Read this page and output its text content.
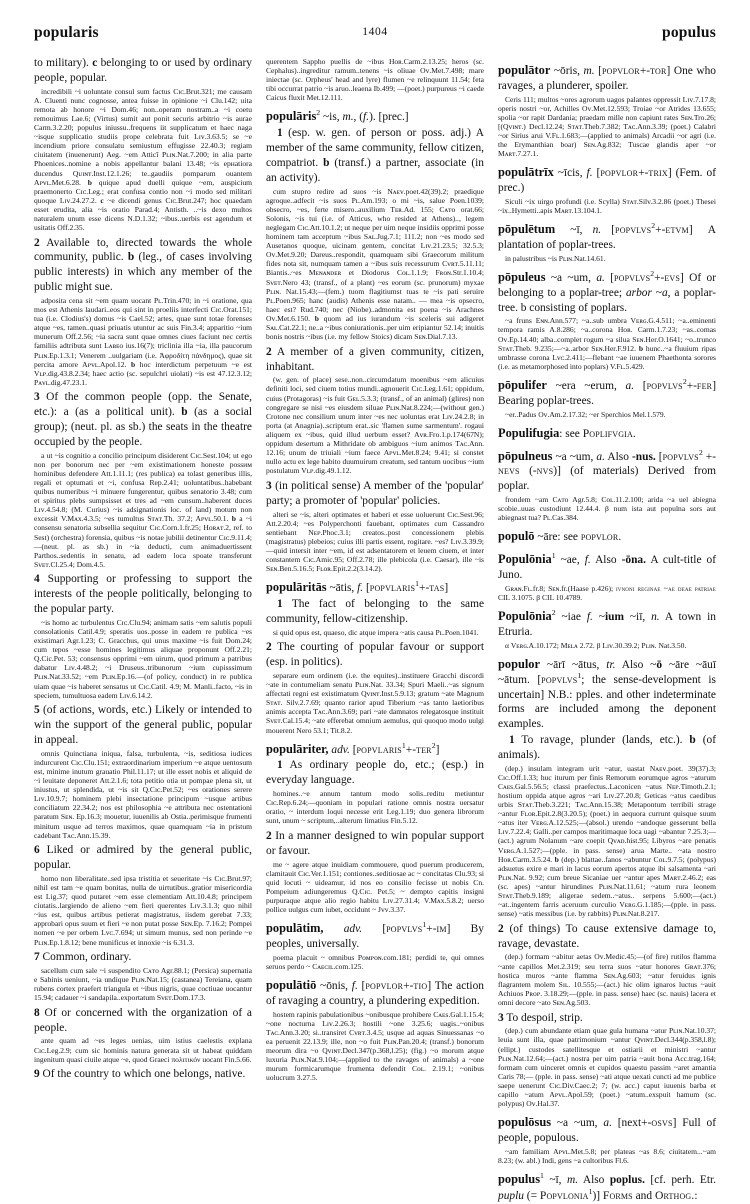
popularis	1404	populus
to military). c belonging to or used by ordinary people, popular.
incredibili ~i uoluntate consul sum factus Cɪᴄ.Brut.321; me causam A. Cluenti nunc cognosse, antea fuisse in opinione ~i Clu.142; uita remota ab honore ~i Dom.46; non..operam nostram..a ~i coetu remouimus Lae.6; (Virtus) sumit aut ponit securis arbitrio ~is aurae Carm.3.2.20; populus iniussu..frequens iit supplicatum et haec naga ~isque supplicatio studiis prope celebrata fuit Lɪᴠ.3.63.5; se ~e incendium priore consulatu semiustum effugisse 22.40.3; regiam ciuitatem (inuenerunt) Aeg. ~em Atticī Pʟɪɴ.Nat.7.200; in alia parte Phoenices..nomine a nobis appellantur balani 13.48; ~is ернаtiora ducendus Qᴜɪɴᴛ.Inst.12.1.26; te..gaudiis pomparum ouantem Aᴘᴠʟ.Met.6.28. b quique apud duelli quique ~em, auspicium praemonerto Cɪᴄ.Leg.; erat confusa contio non ~i modo sed militari quoque Lɪᴠ.24.27.2. c ~e dicendi genus Cɪᴄ.Brut.247; hoc quaedam esset erudita, alia ~is oratio Parad.4; Antisth. ..~is dexo multos naturalem unum esse dicens N.D.1.32; ~ibus..uerbis est agendum et usitatis Off.2.35.
2 Available to, directed towards the whole community, public. b (leg., of cases involving public interests) in which any member of the public might sue.
adposita cena sit ~em quam uocant Pʟ.Trin.470; in ~i oratione, qua mos est Athenis laudari..eos qui sint in proeliis interfecti Cɪᴄ.Orat.151; tua (i.e. Clodius's) domus ~is Cael.52; artes, quae sunt totae forenses atque ~es, tamen..quasi priuatis utuntur ac suis Fin.3.4; apparitio ~ium munerum Off.2.56; ~ia sacra sunt quae omnes ciues faciunt nec certis familiis adtributa sunt Lᴀʙᴇᴏ ius.16(7); triclinia illa ~ia, illa paucorum Pʟɪɴ.Ep.1.3.1; Venerem ..uulgariam (i.e. Ἀφροδίτη πάνδημος), quae sit percita amore Aᴘᴠʟ.Apol.12. b hoc interdictum perpetuum ~e est Vʟᴘ.dig.43.8.2.34; haec actio (sc. sepulchri uiolati) ~is est 47.12.3.12; Pᴀᴠʟ.dig.47.23.1.
3 Of the common people (opp. the Senate, etc.): a (as a political unit). b (as a social group); (neut. pl. as sb.) the seats in the theatre occupied by the people.
a ut ~is cognitio a concilio principum disiderent Cɪᴄ.Sest.104; ut ego non per bonorum nec per ~em existimationem honeste possим hominibus defendere Att.1.11.1; (res publica) ea tolast generibus illis, regali et optumati et ~i, confusa Rep.2.41; uoluntatibus..habebant quibus numeribus ~i minuere fungerentur, quibus senatorio 3.48; cum et spiritus plebs sumpsisset et tres ad ~em cunsum..haberent duces Lɪᴠ.4.54.8; (M. Curius) ~is adsignationis loc. of land) motum non excessit V.Mᴀx.4.3.5; ~es tumultus Sᴛᴀᴛ.Th. 37.2; Aᴘᴠʟ.50.1. b a ~i consensu senatoria subsellia sequitur Cɪᴄ.Corn.1.fr.25; Hᴏʀᴀᴛ.2, ref. to Sest) (orchestra) forensia, quibus ~is notae jubilii detinentur Cɪᴄ.9.11.4;—(neut. pl. as sb.) in ~ia deducti, cum animaduertissent Parthos..sedentis in senatu, ad eadem loca spoate transferunt Sᴠᴇᴛ.Cl.25.4; Dom.4.5.
4 Supporting or professing to support the interests of the people politically, belonging to the popular party.
~is homo ac turbulentus Cɪᴄ.Clu.94; animam satis ~em salutis populi consolationis Catil.4.9; speratis uos..posse in eadem re publica ~es existimari Agr.1.23; C. Gracchus, qui unus maxime ~is fuit Dom.24; cum tepos ~esse homines legitimus aliquae proponunt Off.2.21; Q.Cic.Pet. 53; consensus opprimi ~em uirum, quod primum a patribus dabatur Lɪᴠ.4.48.2; ~i Druseus..tribunorum ~ium cupisssimum Pʟɪɴ.Nat.33.52; ~em Pʟɪɴ.Ep.16.—(of policy, conduct) in re publica uiam quae ~is haberet sensatus ut Cɪᴄ.Catil. 4.9; M. Manli..facto, ~is in speciem, tumultuosa eadem Lɪᴠ.6.14.2.
5 (of actions, words, etc.) Likely or intended to win the support of the general public, popular in appeal.
omnis Quinctiana iniqua, falsa, turbulenta, ~is, seditiosa iudices indurcurent Cɪᴄ.Clu.151; extraordinarium imperium ~e atque uentosum est, minime inutum grauatio Phil.11.17; ut ille esset nobis et aliquid de ~i leuitate deponeret Att.2.1.6; tota petitio otia ut pompae plena sit, ut iniustus, ut splendida, ut ~is sit Q.Cɪᴄ.Pet.52; ~es orationes serere Lɪᴠ.10.9.7; hominem plebi insectatione principum ~usque artibus conciliatum 22.34.2; nos est philosophia ~e attributa nec ostentationi paratum Sᴇɴ. Ep.16.3; mouetur, iuuenilis ab Ostia..perimisque frumenti minitum usque ad terros maximos, quae quamquam ~ia in pristum cadebant Tᴀᴄ.Ann.15.39.
6 Liked or admired by the general public, popular.
homo non liberalitate..sed ipsa tristitia et seueritate ~is Cɪᴄ.Brut.97; nihil est tam ~e quam bonitas, nulla de uirtutibus..gratior misericordia est Lig.37; quod putaret ~em esse clementiam Att.10.4.8; principem ciutatis..largiendo de alieno ~em fieri querentes Lɪᴠ.3.1.3; quo nihil ~ius est, quibus artibus petierat magistratus, iisdem gerebat 7.33; approbari opus suum et fieri ~e non putat posse Sᴇɴ.Ep. 7.16.2; Pompei nomen ~e per orbem Lᴠᴄ.7.694; ut simum munus, sed non perinde ~e Pʟɪɴ.Ep.1.8.12; bene munificus et innoxie ~is 6.31.3.
7 Common, ordinary.
sacellum cum sale ~i suspendito Cᴀᴛᴏ Agr.88.1; (Persica) supernatia e Sabinis ueniunt, ~ia undique Pʟɪɴ.Nat.15; (castanea) Tereiana, quam rubens cortex praefert triangula et ~ibus nigris, quae coctiuae uocantur 15.94; cadauer ~i sandapila..exportatum Sᴠᴇᴛ.Dom.17.3.
8 Of or concerned with the organization of a people.
ante quam ad ~es leges uenias, uim istius caelestis explana Cɪᴄ.Leg.2.9; cum sic hominis natura generata sit ut habeat quiddam ingenitum quasi ciuile atque ~e, quod Graeci πολιτικόν uocant Fin.5.66.
9 Of the country to which one belongs, native.
querentem Sappho puellis de ~ibus Hᴏʀ.Carm.2.13.25; heros (sc. Cephalus)..ingreditur ramum..tenens ~is oliuae Oᴠ.Met.7.498; mare iniectae (sc. Orpheus' head and lyre) flumen ~e relinquunt 11.54; feta tibi occurrat patrio ~is aruo..leaena Ib.499; —(poet.) purpureus ~i caede Caicus fluxit Met.12.111.
populāris$^2$ ~is, m., (f.). [prec.]
1 (esp. w. gen. of person or poss. adj.) A member of the same community, fellow citizen, compatriot. b (transf.) a partner, associate (in an activity).
cum stupro redire ad suos ~is Nᴀᴇᴠ.poet.42(39).2; praedique agroque..adfecit ~is suos Pʟ.Am.193; o mi ~is, salue Poen.1039; obsecro, ~es, ferte misero..auxilium Tᴇʀ.Ad. 155; Cᴀᴛᴏ orat.66; Solonis, ~is tui (i.e. of Atticus, who resided at Athens).., legem neglegam Cɪᴄ.Att.10.1.2; ut neque per uim neque insidiis opprimi posse hominem tam acceptum ~ibus Sᴀʟ.Jug.7.1; 111.2; non ~es modo sed Ausetanos quoque, uicinam gentem, concitat Lɪᴠ.21.23.5; 32.5.3; Oᴠ.Met.9.20; Dareus..respondit, quamquam sibi Graecorum militum fides nota sit, numquam tamen a ~ibus suis recessurum Cᴠʀᴛ.5.11.11; Biantis..~es Mᴇɴᴀɴᴅᴇʀ et Diodorus Cᴏʟ.1.1.9; Fʀᴏɴ.Str.1.10.4; Sᴠᴇᴛ.Nero 43; (transf., of a plant) ~es eorum (sc. prunorum) myxae Pʟɪɴ. Nat.15.43;—(fem.) tuom flagitiumst tuas te ~is pati seruire Pʟ.Poen.965; hanc (audis) Athenis esse natam.. — mea ~is opsecro, haec est? Rud.740; nec (Niobe)..admonita est poena ~is Arachnes Oᴠ.Met.6.150. b quom ad ius iurandum ~is sceleris sui adigeret Sᴀʟ.Cat.22.1; ne..a ~ibus coniurationis..per uim eripiantur 52.14; inuitis bonis nostris ~ibus (i.e. my fellow Stoics) dicam Sᴇɴ.Dial.7.13.
2 A member of a given community, citizen, inhabitant.
(w. gen. of place) sese..non..circumdatum moenibus ~em alicuius definiti loci, sed ciuem totius mundi..agnouerit Cɪᴄ.Leg.1.61; oppidum, cuius (Protagoras) ~is fuit Gᴇʟ.5.3.3; (transf., of an animal) (glires) non congregare se nisi ~es eiusdem siluae Pʟɪɴ.Nat.8.224;—(without gen.) Crotone nec consilium unum inter ~es nec uoluntas erat Lɪᴠ.24.2.8; in porta (at Anagnia)..scriptum erat..sic 'flamen sume sarmentum'. rogaui aliquem ex ~ibus, quid illud uerbum esset? Aᴠʀ.Fro.1.p.174(67N); oppidum desertum a Mithridate ob ambiguos ~ium animos Tᴀᴄ.Ann. 12.16; unum de triuiali ~ium faece Aᴘᴠʟ.Met.8.24; 9.41; si constet nullo actu ex lege habito duumuirum creatum, sed tantum uocibus ~ium postulatum Vʟᴘ.dig.49.1.12.
3 (in political sense) A member of the 'popular' party; a promoter of 'popular' policies.
alteri se ~is, alteri optimates et haberi et esse uoluerunt Cɪᴄ.Sest.96; Att.2.20.4; ~es Polyperchonti fauebant, optimates cum Cassandro sentiebant Nᴇᴘ.Phoc.3.1; creatos..post concessionem plebis (magistratus) plebeios; cuius illi partis essent, rogitare. ~es? Lɪᴠ.3.39.9;—quid intersit inter ~em, id est adsentatorem et leuem ciuem, et inter constantem Cɪᴄ.Amic.95; Off.2.78; ille plebicola (i.e. Caesar), ille ~is Sᴇɴ.Ben.5.16.5; Fʟᴏʀ.Epit.2.2(3.14.2).
populāritās ~ātis, f. [popvlaris$^1$+-tas]
1 The fact of belonging to the same community, fellow-citizenship.
si quid opus est, quaeso, dic atque impera ~atis causa Pʟ.Poen.1041.
2 The courting of popular favour or support (esp. in politics).
separare eum ordinem (i.e. the equites)..instituere Gracchi discordi ~ate in contumeliam senatu Pʟɪɴ.Nat. 33.34; Spuri Maeli..~as signum affectati regni est existimatum Qᴠɪɴᴛ.Inst.5.9.13; gratum ~ate Magnum Sᴛᴀᴛ. Silv.2.7.69; quanto rarior apud Tiberium ~as tanto laetioribus animis accepta Tᴀᴄ.Ann.3.69; pari ~ate damnatos relegatosque instituit Sᴠᴇᴛ.Cal.15.4; ~ate efferebat omnium aemulus, qui quoquo modo uulgi mouerent Nero 53.1; Tit.8.2.
populāriter, adv. [popvlaris$^1$+-ter$^2$]
1 As ordinary people do, etc.; (esp.) in everyday language.
homines..~e annum tantum modo solis..reditu metiuntur Cɪᴄ.Rep.6.24;—quoniam in populari ratione omnis nostra uersatur oratio, ~ interdum loqui necesse erit Leg.1.19; duo genera librorum sunt, unum ~ scriptum,..alterum limatius Fin.5.12.
2 In a manner designed to win popular support or favour.
me ~ agere atque inuidiam commouere, quod puerum producerem, clamitauit Cɪᴄ.Ver.1.151; contiones..seditiosae ac ~ concitatas Clu.93; si quid locuti ~ uideamur, id nos eo consilio fecisse ut nobis Cn. Pompeium adiungeremus Q.Cɪᴄ. Pet.5; ~ dempto capitis insigni purpuraque atque alio regio habitu Lɪᴠ.27.31.4; V.Mᴀx.5.8.2; uerso pollice uulgus cum iubet, occidunt ~ Jᴠᴠ.3.37.
populātim, adv. [popvlvs$^1$+-im] By peoples, universally.
poema placuit ~ omnibus Pᴏᴍᴘᴏɴ.com.181; perdidi te, qui omnes seruos perdo ~ Cᴀᴇᴄɪʟ.com.125.
populātiō ~ōnis, f. [popvlor+-tio] The action of ravaging a country, a plundering expedition.
hostem rapinis pabulationibus ~onibusque prohibere Cᴀᴇs.Gal.1.15.4; ~one nocturna Lɪᴠ.2.26.3; hostili ~one 3.25.6; uagis..~onibus Tᴀᴄ.Ann.3.20; si..transiret Cᴠʀᴛ.3.4.5; usque ad aquas Sinuessanas ~o ea peruenit 22.13.9; ille, non ~o fuit Pʟɪɴ.Pan.20.4; (transf.) bonorum meorum dira ~o Qᴠɪɴᴛ.Decl.347(p.368,l.25); (fig.) ~o morum atque luxuria Pʟɪɴ.Nat.9.104;—(applied to the ravages of animals) a ~one murum formicarumque frumenta defendit Cᴏʟ. 2.19.1; ~onibus uolucrum 3.27.5.
populātor ~ōris, m. [popvlor+-tor] One who ravages, a plunderer, spoiler.
Ceris 111; multos ~ores agrorum uagos palantes oppressit Lɪᴠ.7.17.8; operis nostri ~or, Achilles Oᴠ.Met.12.593; Troiae ~or Atrides 13.655; spolia ~or rapit Dardania; praedam mille non capiunt rates Sᴇɴ.Tro.26; [(Qᴠɪɴᴛ.) Decl.12.24; Sᴛᴀᴛ.Theb.7.382; Tᴀᴄ.Ann.3.39; (poet.) Calabri ~or Sirius arui V.Fʟ.1.683;—(applied to animals) Arcadii ~or agri (i.e. the Erymanthian boar) Sᴇɴ.Ag.832; Tuscae glandis aper ~or Mᴀʀᴛ.7.27.1.
populātrīx ~īcis, f. [popvlor+-trix] (Fem. of prec.)
Siculi ~ix uirgo profundi (i.e. Scylla) Sᴛᴀᴛ.Silv.3.2.86 (poet.) Thesei ~ix..Hymetti..apis Mᴀʀᴛ.13.104.1.
pōpulētum ~ī, n. [popvlvs$^2$+-etvm] A plantation of poplar-trees.
in palustribus ~is Pʟɪɴ.Nat.14.61.
pōpuleus ~a ~um, a. [popvlvs$^2$+-evs] Of or belonging to a poplar-tree; arbor ~a, a poplar-tree. b consisting of poplars.
~a fruns Eɴɴ.Ann.577; ~a..sub umbra Vᴇʀɢ.G.4.511; ~a..eminenti tempora ramis A.8.286; ~a..corona Hᴏʀ. Carm.1.7.23; ~as..comas Oᴠ.Ep.14.40; alba..complet rogum ~a silua Sᴇɴ.Her.O.1641; ~o..trunco Sᴛᴀᴛ.Theb. 9.235;—~a..arbor Sᴇɴ.Her.F.912. b hunc..~a fluuium ripas umbrasse corona Lᴠᴄ.2.411;—flebant ~ae iuuenem Phaethonta sorores (i.e. as metamorphosed into poplars) V.Fʟ.5.429.
pōpulifer ~era ~erum, a. [popvlvs$^2$+-fer] Bearing poplar-trees.
~er..Padus Oᴠ.Am.2.17.32; ~er Sperchios Mel.1.579.
Populifugia: see Poplifvgia.
pōpulneus ~a ~um, a. Also -nus. [popvlvs$^2$ +-nevs (-nvs)] (of materials) Derived from poplar.
frondem ~am Cᴀᴛᴏ Agr.5.8; Cᴏʟ.11.2.100; arida ~a uel abiegna scobie..uuas custodiunt 12.44.4. β num ista aut populna sors aut abiegnast tua? Pʟ.Cas.384.
populō ~āre: see popvlor.
Populōnia$^1$ ~ae, f. Also -ōna. A cult-title of Juno.
Gʀᴀɴ.Fʟ.fr.8; Sᴇɴ.fr.(Haase p.426); ivnoni reginae ~ae deae patriae CIL 3.1075. β CIL 10.4789.
Populōnia$^2$ ~iae f. ~ium ~iī, n. A town in Etruria.
α Vᴇʀɢ.A.10.172; Mᴇʟᴀ 2.72. β Lɪᴠ.30.39.2; Pʟɪɴ. Nat.3.50.
populor ~ārī ~ātus, tr. Also ~ō ~āre ~āuī ~ātum. [popvlvs$^1$; the sense-development is uncertain] N.B.: pples. and other indeterminate forms are included among the deponent examples.
1 To ravage, plunder (lands, etc.). b (of animals).
(dep.) insulam integram urit ~atur, uastat Nᴀᴇᴠ.poet. 39(37).3; Cɪᴄ.Off.1.33; huc iturum per finis Remorum eorumque agros ~aturum Cᴀᴇs.Gal.5.56.5; classi praefectus..Laconicen ~atus Nᴇᴘ.Timoth.2.1; hostium oppida atque agros ~ari Lɪᴠ.27.20.8; Geticas ~atus caedibus urbis Sᴛᴀᴛ.Theb.3.221; Tᴀᴄ.Ann.15.38; Metapontum terribili strage ~antur Fʟᴏʀ.Epit.2.8(3.20.5); (poet.) in aequora currunt quisque suum ~atus iter Vᴇʀɢ.A.12.525;—(absol.) urendo ~andoque gesserunt bella Lɪᴠ.7.22.4; Galli..per campos maritimaque loca uagi ~abantur 7.25.3;—(act.) agrum Nolanum ~are coepit Qᴠᴀᴅ.hist.95; Libyros ~are penatis Vᴇʀɢ.A.1.527;—(pple. in pass. sense) arua Marte.. ~ata nostro Hᴏʀ.Carm.3.5.24. b (dep.) blattae..fanos ~abuntur Cᴏʟ.9.7.5; (polypus) adsuetus exire e mari in lacus eorum apertos atque ibi salsamenta ~ari Pʟɪɴ.Nat. 9.92; cum breue Sicaniae uer ~antur apes Mᴀʀᴛ.2.46.2; eas (sc. apes) ~antur hirundines Pʟɪɴ.Nat.11.61; ~atum rura leonem Sᴛᴀᴛ.Theb.9.189; aligerae sedem..~atus.. serpens 5.600;—(act.) ~at..ingentem farris aceruum curculio Vᴇʀɢ.G.1.185;—(pple. in pass. sense) ~atis messibus (i.e. by rabbits) Pʟɪɴ.Nat.8.217.
2 (of things) To cause extensive damage to, ravage, devastate.
(dep.) formam ~abitur aetas Oᴠ.Medic.45;—(of fire) rutilos flammа ~ante capillos Met.2.319; seu terra suos ~atur honores Gʀᴀᴛ.376; hostica muros ~ante flamma Sᴇɴ.Ag.603; ~atur feruidus ignis flagrantem molem Sɪʟ. 10.555;—(act.) hic olim ignaros luctus ~auit Achiuos Pʀᴏᴘ. 3.18.29;—(pple. in pass. sense) haec (sc. nauis) lacera et omni decore ~ato Sᴇɴ.Ag.503.
3 To despoil, strip.
(dep.) cum abundante etiam quae gula humana ~atur Pʟɪɴ.Nat.10.37; leuia sunt illa, quae patrimonium ~antur Qᴠɪɴᴛ.Decl.344(p.358,l.8); (ellipt.) custodes satellitesque et ostiarii et ministri ~antur Pʟɪɴ.Nat.12.64;—(act.) nostra per uim patria ~auit bona Acc.trag.164; formam cum uinceret omnis et cupidos quaestu passim ~aret amantia Caris 78;— (pple. in pass. sense) ~ati atque uexati cuncti ad me publice saepe uenerunt Cɪᴄ.Div.Caec.2; 7; (w. acc.) caput iuuenis barba et capillo ~atum Aᴘᴠʟ.Apol.59; (poet.) ~atum..exspuit hamum (sc. polypus) Oᴠ.Hal.37.
populōsus ~a ~um, a. [next+-osvs] Full of people, populous.
~am familiam Aᴘᴠʟ.Met.5.8; per plateas ~as 8.6; ciuitatem...~am 8.23; (w. abl.) Indi, gens ~a cultoribus Fl.6.
populus$^1$ ~ī, m. Also poplus. [cf. perh. Etr. puplu (= Popvlonia$^1$)] Forms and Orthog.:
